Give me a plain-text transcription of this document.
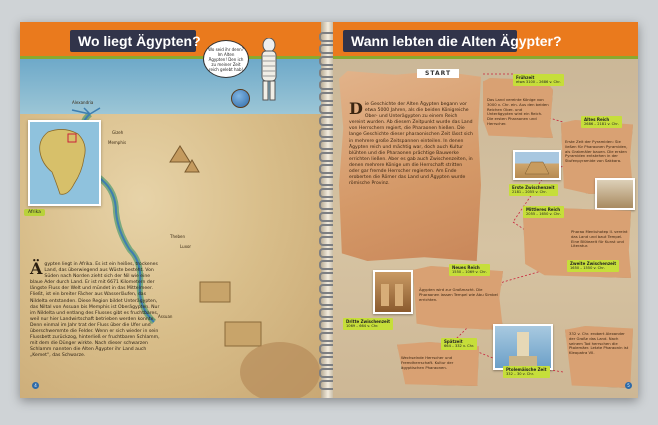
Wo liegt Ägypten?
Alexandria
Memphis
Gizeh
Theben
Luxor
Assuan
Wo seid ihr denn? Im Alten Ägypten! Den ich zu meiner Zeit reich gelebt hab!
Afrika
Ägypten liegt in Afrika. Es ist ein heißes, trockenes Land, das überwiegend aus Wüste besteht. Von Süden nach Norden zieht sich der Nil wie eine blaue Ader durch Land. Er ist mit 6671 Kilometern der längste Fluss der Welt und mündet in das Mittelmeer. Fließt, ist ein breiter Fächer aus Wasserläufen, das Nildelta entstanden. Diese Region bildet Unterägypten, das Niltal von Assuan bis Memphis ist Oberägypten. Nur im Nildelta und entlang des Flusses gibt es fruchtbares, weil nur hier Landwirtschaft betrieben werden konnte. Denn einmal im Jahr trat der Fluss über die Ufer und überschwemmte die Felder. Wenn er sich wieder in sein Flussbett zurückzog, hinterließ er fruchtbaren Schlamm, mit dem die Dünger wirkte. Nach dieser schwarzen Schlamm nannten die Alten Ägypter ihr Land auch „Kemet“, das Schwarze.
4
Wann lebten die Alten Ägypter?
START
Die Geschichte der Alten Ägypten begann vor etwa 5000 Jahren, als die beiden Königreiche Ober- und Unterägypten zu einem Reich vereint wurden. Ab diesem Zeitpunkt wurde das Land von Herrschern regiert, die Pharaonen hießen. Die lange Geschichte dieser pharaonischen Zeit lässt sich in mehrere große Zeitspannen einteilen. In denen Ägypten reich und mächtig war, doch auch Kultur blühten und die Pharaonen prächtige Bauwerke errichten ließen. Aber es gab auch Zwischenzeiten, in denen mehrere Könige um die Herrschaft stritten oder gar fremde Herrscher regierten. Am Ende eroberten die Römer das Land und Ägypten wurde römische Provinz.
Das Land vereinte Könige von 3000 v. Chr. ein. Aus den beiden Reichen Ober- und Unterägypten wird ein Reich. Die ersten Pharaonen und Herrscher.
Frühzeit
etwa 3100 – 2686 v. Chr.
Erste Zeit der Pyramiden: Sie ließen für Pharaonen Pyramiden, als Grabmäler bauen. Die ersten Pyramiden entstehen in der Stufenpyramide von Sakkara.
Altes Reich
2686 – 2181 v. Chr.
Erste Zwischenzeit
2181 – 2055 v. Chr.
Pharao Mentuhotep II. vereint das Land und baut Tempel. Eine Blütezeit für Kunst und Literatur.
Mittleres Reich
2055 – 1650 v. Chr.
Zweite Zwischenzeit
1650 – 1550 v. Chr.
Ägypten wird zur Großmacht. Die Pharaonen lassen Tempel wie Abu Simbel errichten.
Neues Reich
1550 – 1069 v. Chr.
Dritte Zwischenzeit
1069 – 664 v. Chr.
Wechselnde Herrscher und Fremdherrschaft. Kultur der ägyptischen Pharaonen.
Spätzeit
664 – 332 v. Chr.
Ptolemäische Zeit
332 – 30 v. Chr.
332 v. Chr. erobert Alexander der Große das Land. Nach seinem Tod herrschen die Ptolemäer. Letzte Pharaonin ist Kleopatra VII.
5
